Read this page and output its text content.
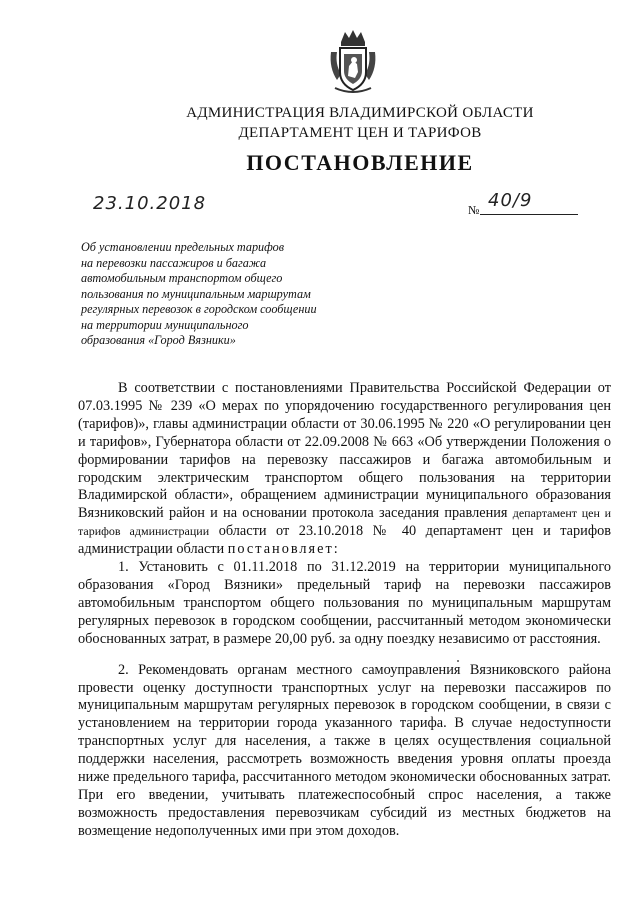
АДМИНИСТРАЦИЯ ВЛАДИМИРСКОЙ ОБЛАСТИ
ДЕПАРТАМЕНТ ЦЕН И ТАРИФОВ
ПОСТАНОВЛЕНИЕ
23.10.2018	№ 40/9
Об установлении предельных тарифов
на перевозки пассажиров и багажа
автомобильным транспортом общего
пользования по муниципальным маршрутам
регулярных перевозок в городском сообщении
на территории муниципального
образования «Город Вязники»

В соответствии с постановлениями Правительства Российской Федерации от 07.03.1995 № 239 «О мерах по упорядочению государственного регулирования цен (тарифов)», главы администрации области от 30.06.1995 № 220 «О регулировании цен и тарифов», Губернатора области от 22.09.2008 № 663 «Об утверждении Положения о формировании тарифов на перевозку пассажиров и багажа автомобильным и городским электрическим транспортом общего пользования на территории Владимирской области», обращением администрации муниципального образования Вязниковский район и на основании протокола заседания правления департамент цен и тарифов администрации области от 23.10.2018 № 40 департамент цен и тарифов администрации области постановляет:

1. Установить с 01.11.2018 по 31.12.2019 на территории муниципального образования «Город Вязники» предельный тариф на перевозки пассажиров автомобильным транспортом общего пользования по муниципальным маршрутам регулярных перевозок в городском сообщении, рассчитанный методом экономически обоснованных затрат, в размере 20,00 руб. за одну поездку независимо от расстояния.

2. Рекомендовать органам местного самоуправления Вязниковского района провести оценку доступности транспортных услуг на перевозки пассажиров по муниципальным маршрутам регулярных перевозок в городском сообщении, в связи с установлением на территории города указанного тарифа. В случае недоступности транспортных услуг для населения, а также в целях осуществления социальной поддержки населения, рассмотреть возможность введения уровня оплаты проезда ниже предельного тарифа, рассчитанного методом экономически обоснованных затрат. При его введении, учитывать платежеспособный спрос населения, а также возможность предоставления перевозчикам субсидий из местных бюджетов на возмещение недополученных ими при этом доходов.
